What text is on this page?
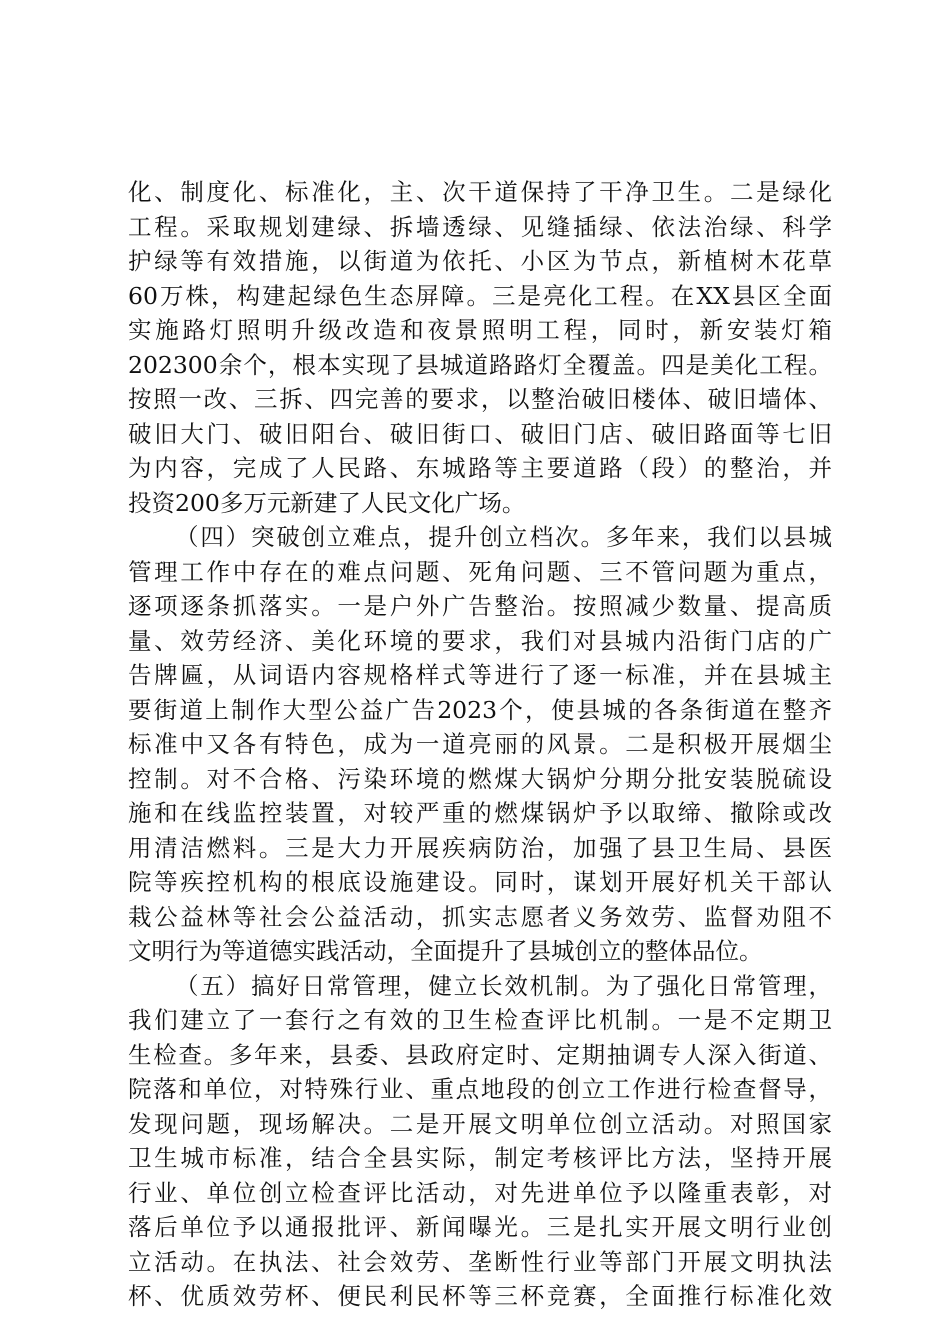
化、制度化、标准化，主、次干道保持了干净卫生。二是绿化
工程。采取规划建绿、拆墙透绿、见缝插绿、依法治绿、科学
护绿等有效措施，以街道为依托、小区为节点，新植树木花草
60万株，构建起绿色生态屏障。三是亮化工程。在XX县区全面
实施路灯照明升级改造和夜景照明工程，同时，新安装灯箱
202300余个，根本实现了县城道路路灯全覆盖。四是美化工程。
按照一改、三拆、四完善的要求，以整治破旧楼体、破旧墙体、
破旧大门、破旧阳台、破旧街口、破旧门店、破旧路面等七旧
为内容，完成了人民路、东城路等主要道路（段）的整治，并
投资200多万元新建了人民文化广场。
（四）突破创立难点，提升创立档次。多年来，我们以县城
管理工作中存在的难点问题、死角问题、三不管问题为重点，
逐项逐条抓落实。一是户外广告整治。按照减少数量、提高质
量、效劳经济、美化环境的要求，我们对县城内沿街门店的广
告牌匾，从词语内容规格样式等进行了逐一标准，并在县城主
要街道上制作大型公益广告2023个，使县城的各条街道在整齐
标准中又各有特色，成为一道亮丽的风景。二是积极开展烟尘
控制。对不合格、污染环境的燃煤大锅炉分期分批安装脱硫设
施和在线监控装置，对较严重的燃煤锅炉予以取缔、撤除或改
用清洁燃料。三是大力开展疾病防治，加强了县卫生局、县医
院等疾控机构的根底设施建设。同时，谋划开展好机关干部认
栽公益林等社会公益活动，抓实志愿者义务效劳、监督劝阻不
文明行为等道德实践活动，全面提升了县城创立的整体品位。
（五）搞好日常管理，健立长效机制。为了强化日常管理，
我们建立了一套行之有效的卫生检查评比机制。一是不定期卫
生检查。多年来，县委、县政府定时、定期抽调专人深入街道、
院落和单位，对特殊行业、重点地段的创立工作进行检查督导，
发现问题，现场解决。二是开展文明单位创立活动。对照国家
卫生城市标准，结合全县实际，制定考核评比方法，坚持开展
行业、单位创立检查评比活动，对先进单位予以隆重表彰，对
落后单位予以通报批评、新闻曝光。三是扎实开展文明行业创
立活动。在执法、社会效劳、垄断性行业等部门开展文明执法
杯、优质效劳杯、便民利民杯等三杯竞赛，全面推行标准化效
